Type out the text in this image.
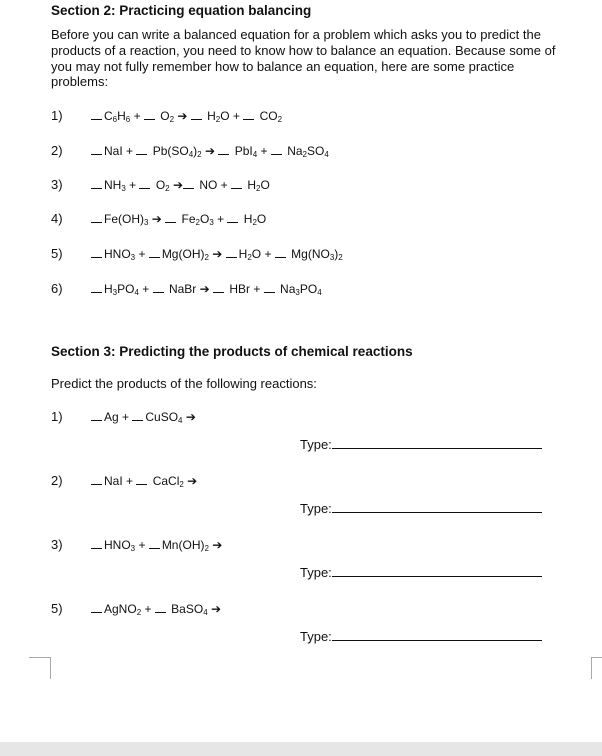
Section 2: Practicing equation balancing
Before you can write a balanced equation for a problem which asks you to predict the
products of a reaction, you need to know how to balance an equation. Because some of
you may not fully remember how to balance an equation, here are some practice
problems:
1)	$C_6H_6 + O_2$ ➔  $H_2O + CO_2$
2)	NaI +  $Pb(SO_4)_2$ ➔  $PbI_4 + Na_2SO_4$
3)	$NH_3 + O_2$ ➔ NO +  $H_2O$
4)	$Fe(OH)_3$ ➔  $Fe_2O_3 + H_2O$
5)	$HNO_3 + Mg(OH)_2$ ➔ $H_2O + Mg(NO_3)_2$
6)	$H_3PO_4$ +  NaBr ➔  HBr +  $Na_3PO_4$
Section 3: Predicting the products of chemical reactions

Predict the products of the following reactions:

1)	Ag + CuSO$_4$ ➔
Type:
2)	NaI +  CaCl$_2$ ➔
Type:
3)	$HNO_3 + Mn(OH)_2$ ➔
Type:
5)	AgNO$_2$ +  BaSO$_4$ ➔
Type:
